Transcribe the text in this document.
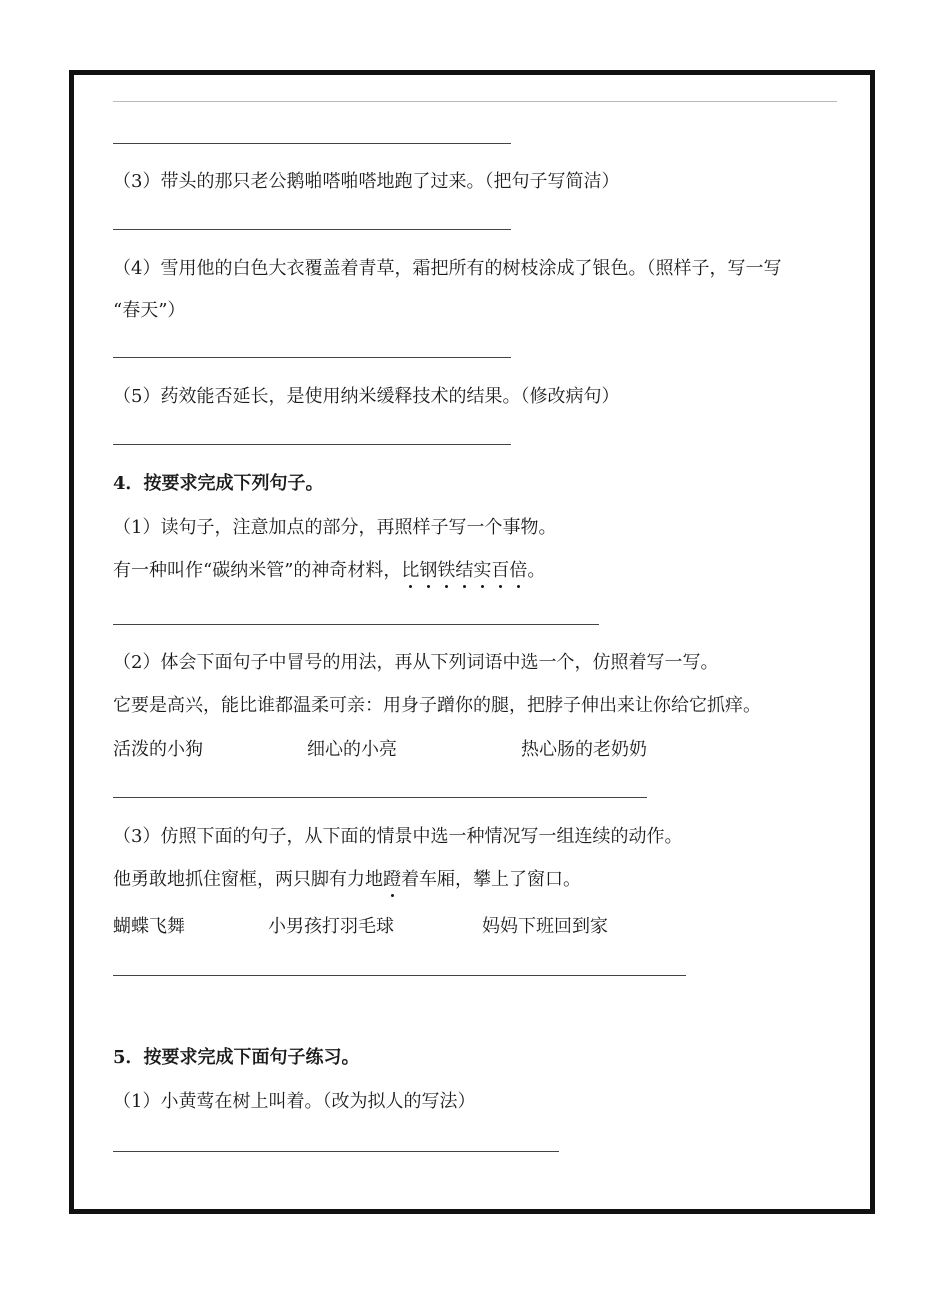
（3）带头的那只老公鹅啪嗒啪嗒地跑了过来。（把句子写简洁）
（4）雪用他的白色大衣覆盖着青草，霜把所有的树枝涂成了银色。（照样子，写一写
“春天”）
（5）药效能否延长，是使用纳米缓释技术的结果。（修改病句）
4．按要求完成下列句子。
（1）读句子，注意加点的部分，再照样子写一个事物。
有一种叫作“碳纳米管”的神奇材料，比钢铁结实百倍。
（2）体会下面句子中冒号的用法，再从下列词语中选一个，仿照着写一写。
它要是高兴，能比谁都温柔可亲：用身子蹭你的腿，把脖子伸出来让你给它抓痒。
活泼的小狗	细心的小亮	热心肠的老奶奶
（3）仿照下面的句子，从下面的情景中选一种情况写一组连续的动作。
他勇敢地抓住窗框，两只脚有力地蹬着车厢，攀上了窗口。
蝴蝶飞舞	小男孩打羽毛球	妈妈下班回到家
5．按要求完成下面句子练习。
（1）小黄莺在树上叫着。（改为拟人的写法）
